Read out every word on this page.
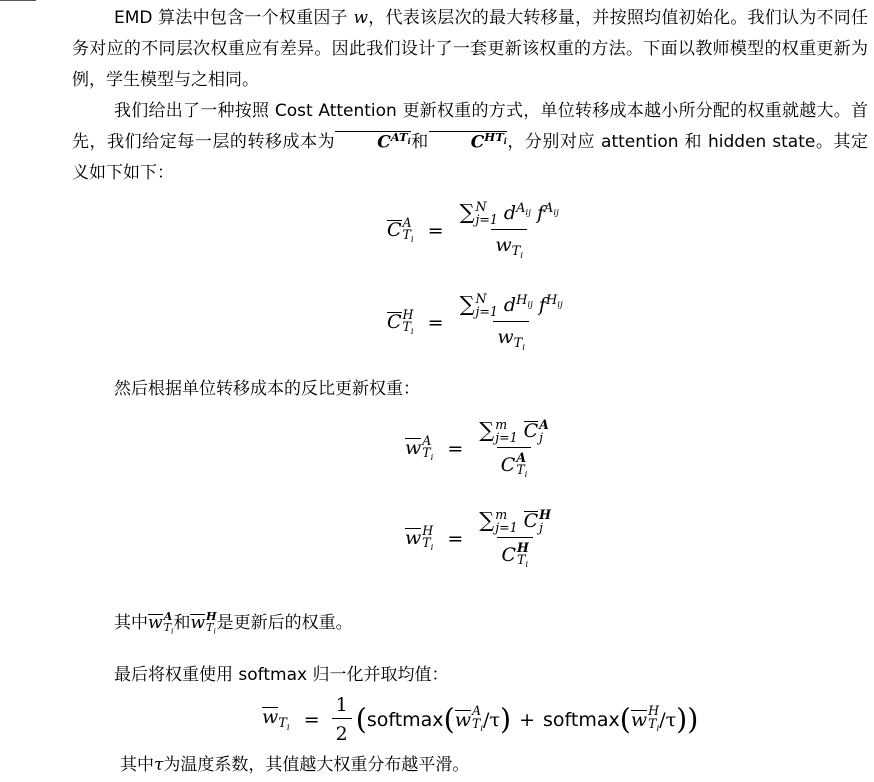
EMD 算法中包含一个权重因子 w，代表该层次的最大转移量，并按照均值初始化。我们认为不同任务对应的不同层次权重应有差异。因此我们设计了一套更新该权重的方法。下面以教师模型的权重更新为例，学生模型与之相同。

我们给出了一种按照 Cost Attention 更新权重的方式，单位转移成本越小所分配的权重就越大。首先，我们给定每一层的转移成本为 $C^{AT_i}$和 $C^{HT_i}$，分别对应 attention 和 hidden state。其定义如下如下：

C A
$T_i$ = ∑ N
j=1 $d^{A_{ij}}$ $f^{A_{ij}}$
$w_{T_i}$
C H
$T_i$ = ∑ N
j=1 $d^{H_{ij}}$ $f^{H_{ij}}$
$w_{T_i}$

然后根据单位转移成本的反比更新权重：

w A
$T_i$ = ∑ m
j=1 C A
j
C A
$T_i$
w H
$T_i$ = ∑ m
j=1 C H
j
C H
$T_i$

其中w A
$T_i$ 和w H
$T_i$ 是更新后的权重。

最后将权重使用 softmax 归一化并取均值：

$w_{T_i} = \frac{1}{2}$ ( softmax ( w A
$T_i$ /τ ) + softmax ( w H
$T_i$ /τ ) )

其中τ为温度系数，其值越大权重分布越平滑。
